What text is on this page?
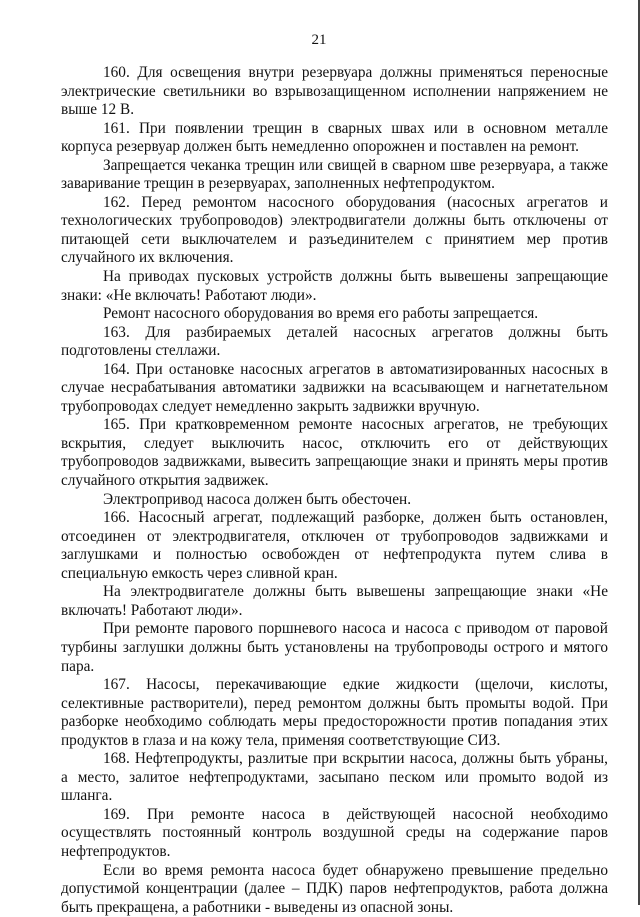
21

160. Для освещения внутри резервуара должны применяться переносные электрические светильники во взрывозащищенном исполнении напряжением не выше 12 В.

161. При появлении трещин в сварных швах или в основном металле корпуса резервуар должен быть немедленно опорожнен и поставлен на ремонт.

Запрещается чеканка трещин или свищей в сварном шве резервуара, а также заваривание трещин в резервуарах, заполненных нефтепродуктом.

162. Перед ремонтом насосного оборудования (насосных агрегатов и технологических трубопроводов) электродвигатели должны быть отключены от питающей сети выключателем и разъединителем с принятием мер против случайного их включения.

На приводах пусковых устройств должны быть вывешены запрещающие знаки: «Не включать! Работают люди».

Ремонт насосного оборудования во время его работы запрещается.

163. Для разбираемых деталей насосных агрегатов должны быть подготовлены стеллажи.

164. При остановке насосных агрегатов в автоматизированных насосных в случае несрабатывания автоматики задвижки на всасывающем и нагнетательном трубопроводах следует немедленно закрыть задвижки вручную.

165. При кратковременном ремонте насосных агрегатов, не требующих вскрытия, следует выключить насос, отключить его от действующих трубопроводов задвижками, вывесить запрещающие знаки и принять меры против случайного открытия задвижек.

Электропривод насоса должен быть обесточен.

166. Насосный агрегат, подлежащий разборке, должен быть остановлен, отсоединен от электродвигателя, отключен от трубопроводов задвижками и заглушками и полностью освобожден от нефтепродукта путем слива в специальную емкость через сливной кран.

На электродвигателе должны быть вывешены запрещающие знаки «Не включать! Работают люди».

При ремонте парового поршневого насоса и насоса с приводом от паровой турбины заглушки должны быть установлены на трубопроводы острого и мятого пара.

167. Насосы, перекачивающие едкие жидкости (щелочи, кислоты, селективные растворители), перед ремонтом должны быть промыты водой. При разборке необходимо соблюдать меры предосторожности против попадания этих продуктов в глаза и на кожу тела, применяя соответствующие СИЗ.

168. Нефтепродукты, разлитые при вскрытии насоса, должны быть убраны, а место, залитое нефтепродуктами, засыпано песком или промыто водой из шланга.

169. При ремонте насоса в действующей насосной необходимо осуществлять постоянный контроль воздушной среды на содержание паров нефтепродуктов.

Если во время ремонта насоса будет обнаружено превышение предельно допустимой концентрации (далее – ПДК) паров нефтепродуктов, работа должна быть прекращена, а работники - выведены из опасной зоны.
